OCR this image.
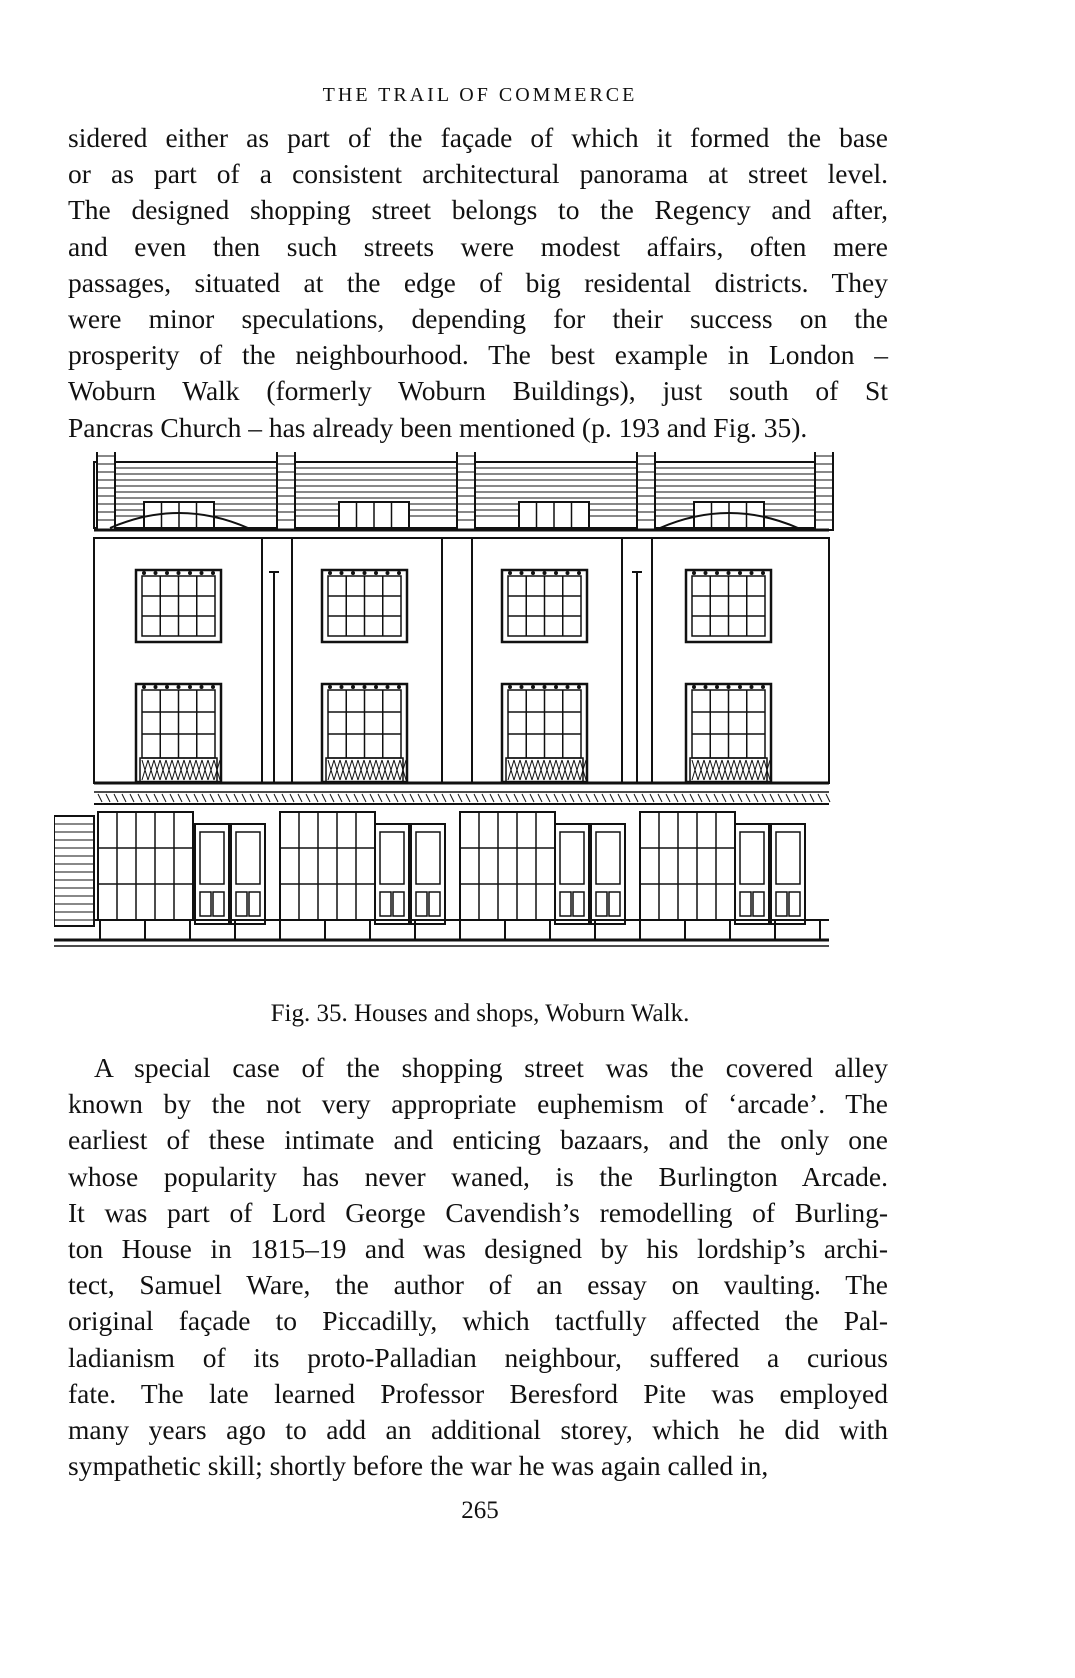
THE TRAIL OF COMMERCE
sidered either as part of the façade of which it formed the base
or as part of a consistent architectural panorama at street level.
The designed shopping street belongs to the Regency and after,
and even then such streets were modest affairs, often mere
passages, situated at the edge of big residental districts. They
were minor speculations, depending for their success on the
prosperity of the neighbourhood. The best example in London –
Woburn Walk (formerly Woburn Buildings), just south of St
Pancras Church – has already been mentioned (p. 193 and Fig. 35).
Fig. 35. Houses and shops, Woburn Walk.
A special case of the shopping street was the covered alley
known by the not very appropriate euphemism of ‘arcade’. The
earliest of these intimate and enticing bazaars, and the only one
whose popularity has never waned, is the Burlington Arcade.
It was part of Lord George Cavendish’s remodelling of Burling-
ton House in 1815–19 and was designed by his lordship’s archi-
tect, Samuel Ware, the author of an essay on vaulting. The
original façade to Piccadilly, which tactfully affected the Pal-
ladianism of its proto-Palladian neighbour, suffered a curious
fate. The late learned Professor Beresford Pite was employed
many years ago to add an additional storey, which he did with
sympathetic skill; shortly before the war he was again called in,
265
